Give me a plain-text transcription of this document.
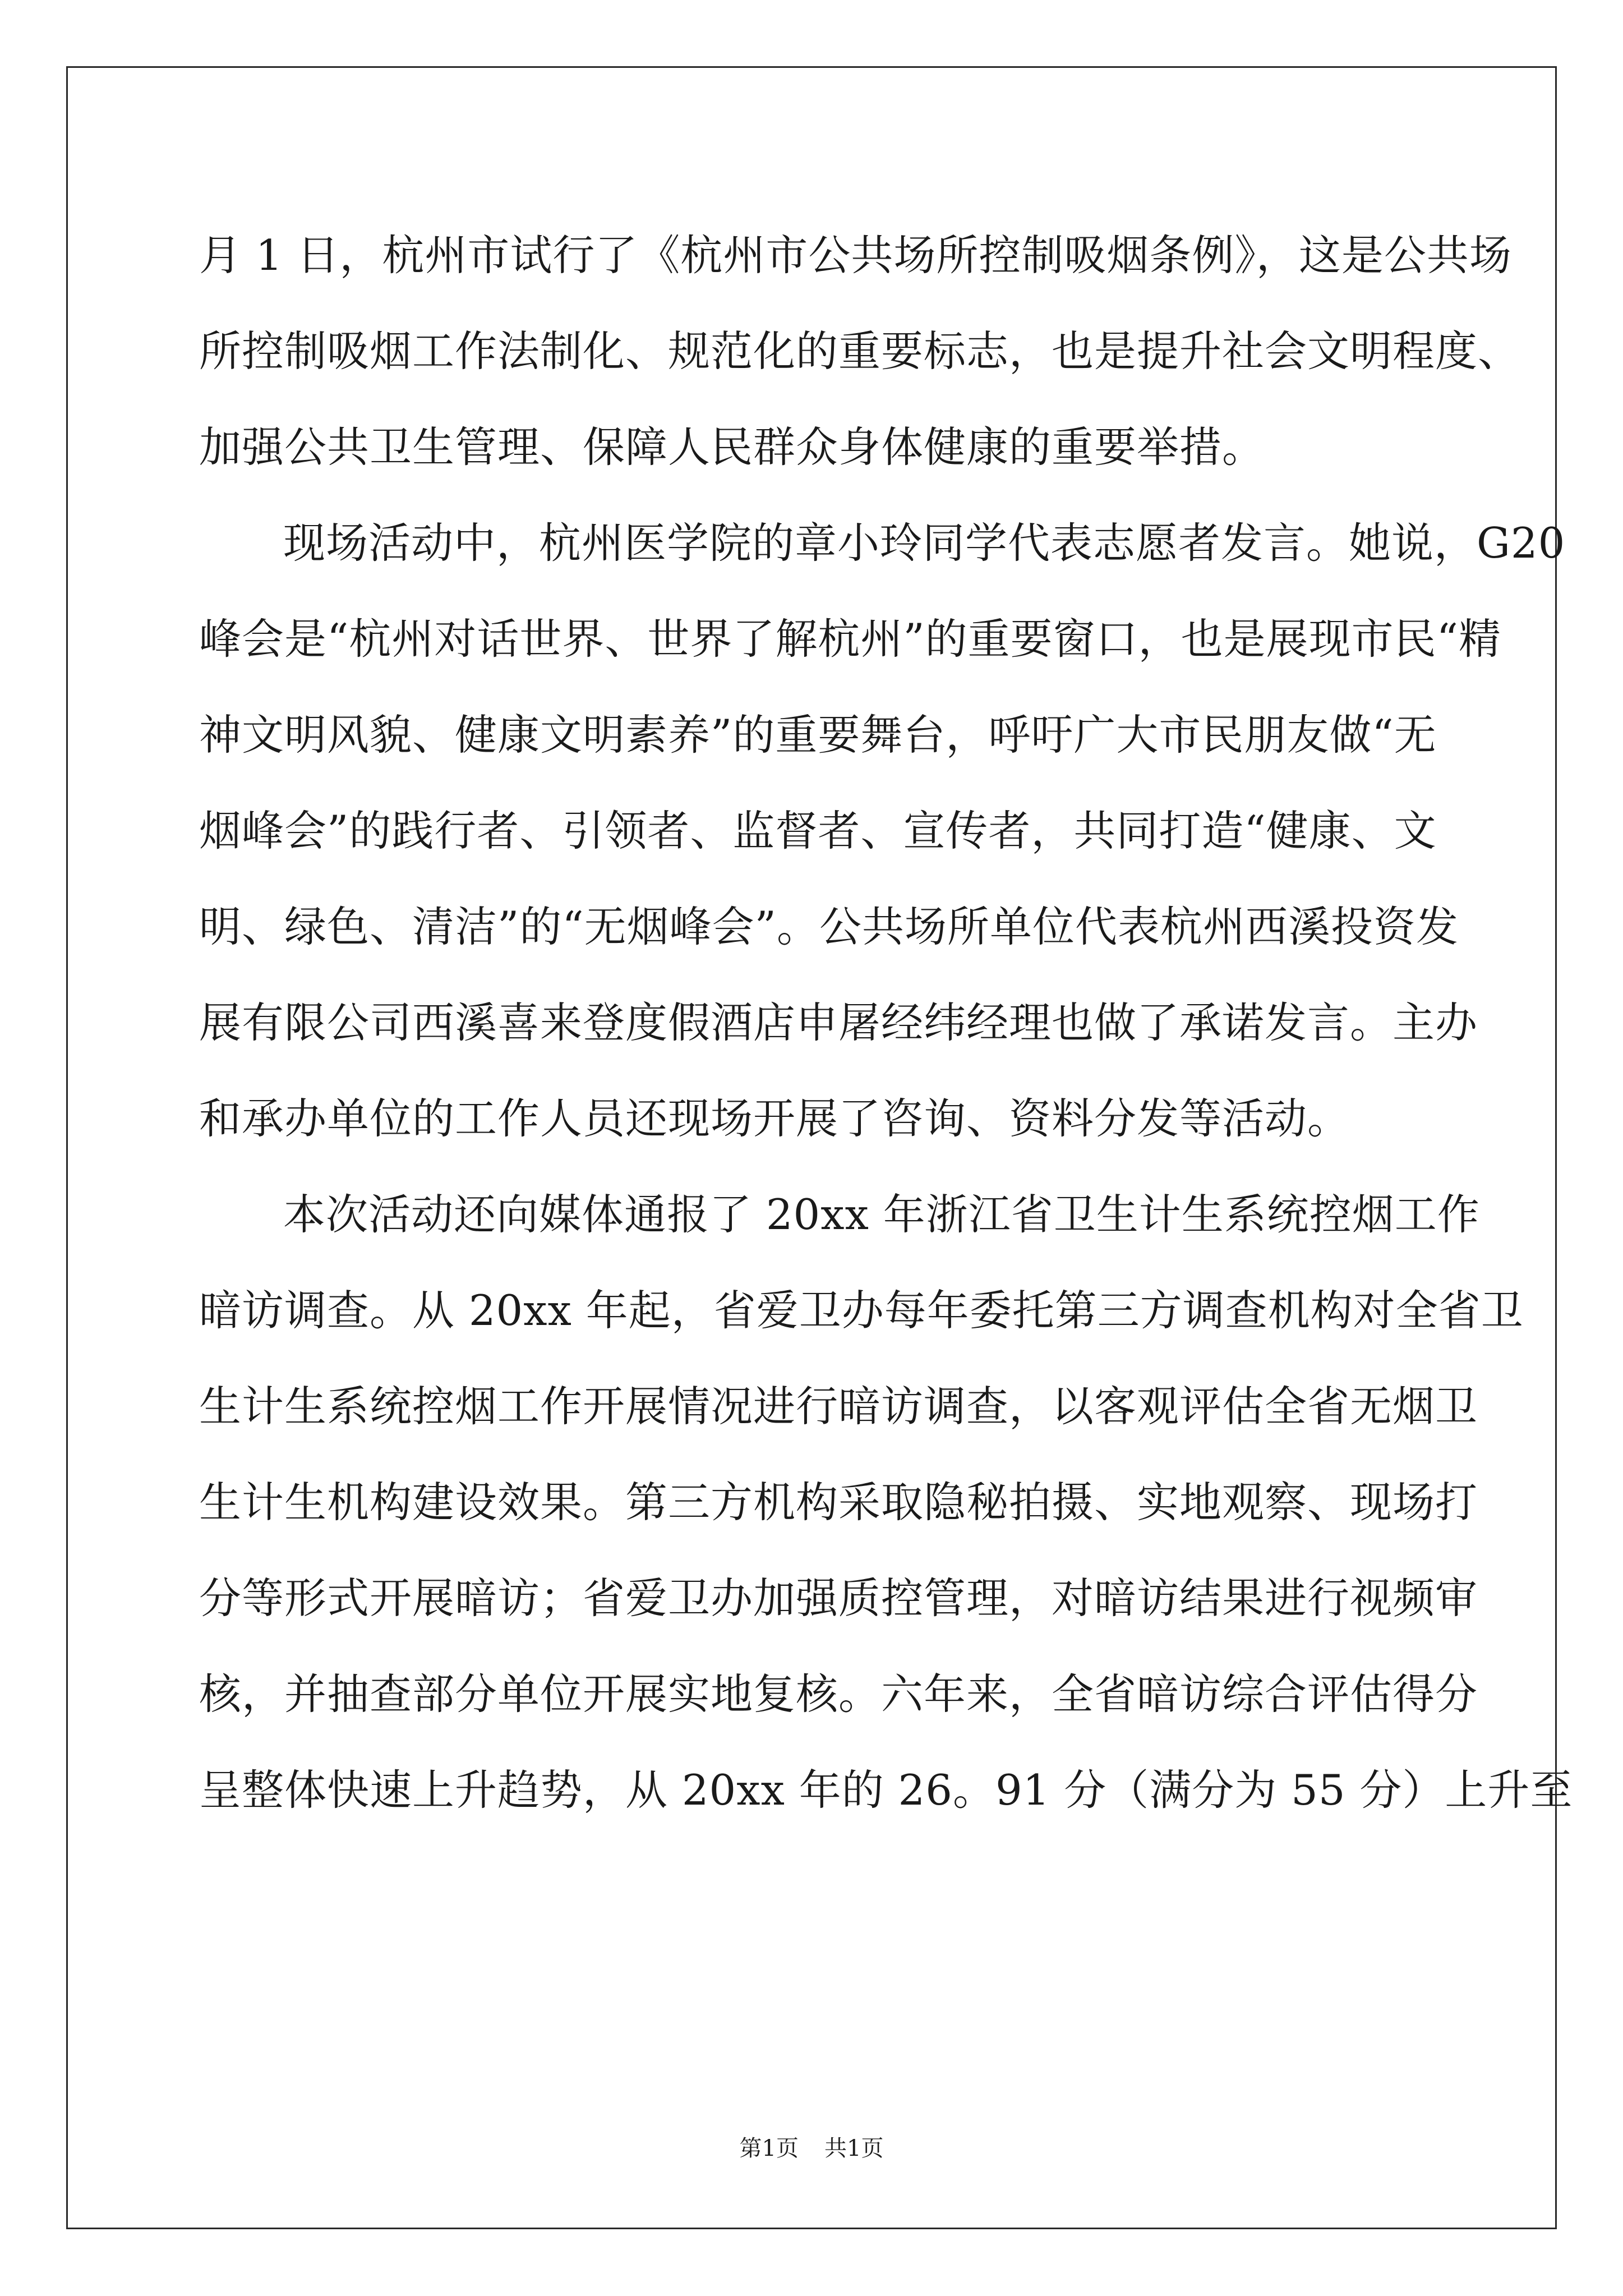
月 1 日，杭州市试行了《杭州市公共场所控制吸烟条例》，这是公共场
所控制吸烟工作法制化、规范化的重要标志，也是提升社会文明程度、
加强公共卫生管理、保障人民群众身体健康的重要举措。
现场活动中，杭州医学院的章小玲同学代表志愿者发言。她说，G20
峰会是“杭州对话世界、世界了解杭州”的重要窗口，也是展现市民“精
神文明风貌、健康文明素养”的重要舞台，呼吁广大市民朋友做“无
烟峰会”的践行者、引领者、监督者、宣传者，共同打造“健康、文
明、绿色、清洁”的“无烟峰会”。公共场所单位代表杭州西溪投资发
展有限公司西溪喜来登度假酒店申屠经纬经理也做了承诺发言。主办
和承办单位的工作人员还现场开展了咨询、资料分发等活动。
本次活动还向媒体通报了 20xx 年浙江省卫生计生系统控烟工作
暗访调查。从 20xx 年起，省爱卫办每年委托第三方调查机构对全省卫
生计生系统控烟工作开展情况进行暗访调查，以客观评估全省无烟卫
生计生机构建设效果。第三方机构采取隐秘拍摄、实地观察、现场打
分等形式开展暗访；省爱卫办加强质控管理，对暗访结果进行视频审
核，并抽查部分单位开展实地复核。六年来，全省暗访综合评估得分
呈整体快速上升趋势，从 20xx 年的 26。91 分（满分为 55 分）上升至
第1页 共1页
